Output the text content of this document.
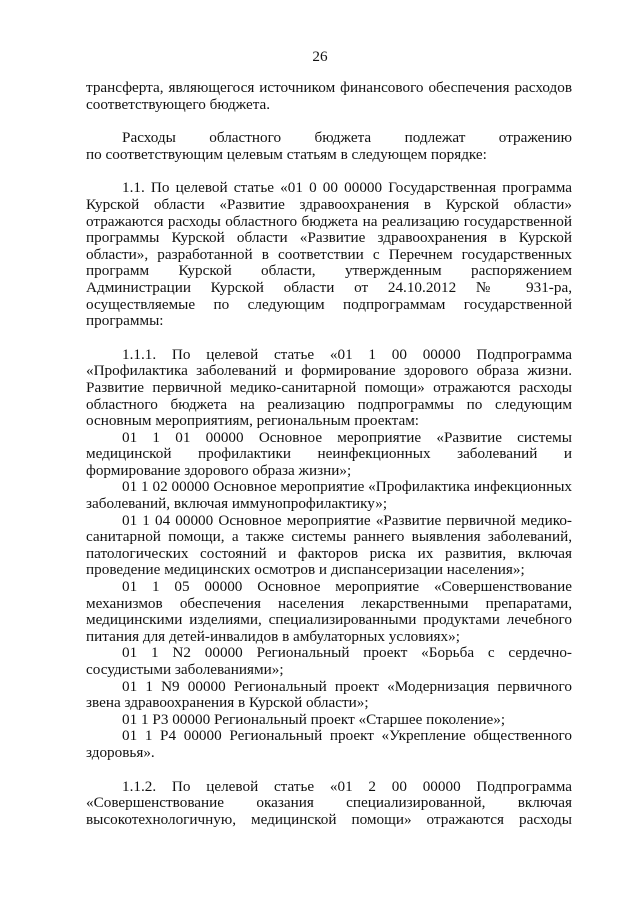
26

трансферта, являющегося источником финансового обеспечения расходов соответствующего бюджета.

Расходы областного бюджета подлежат отражению

по соответствующим целевым статьям в следующем порядке:

1.1. По целевой статье «01 0 00 00000 Государственная программа Курской области «Развитие здравоохранения в Курской области» отражаются расходы областного бюджета на реализацию государственной программы Курской области «Развитие здравоохранения в Курской области», разработанной в соответствии с Перечнем государственных программ Курской области, утвержденным распоряжением Администрации Курской области от 24.10.2012 № 931-ра, осуществляемые по следующим подпрограммам государственной программы:

1.1.1. По целевой статье «01 1 00 00000 Подпрограмма «Профилактика заболеваний и формирование здорового образа жизни. Развитие первичной медико-санитарной помощи» отражаются расходы областного бюджета на реализацию подпрограммы по следующим основным мероприятиям, региональным проектам:

01 1 01 00000 Основное мероприятие «Развитие системы медицинской профилактики неинфекционных заболеваний и формирование здорового образа жизни»;

01 1 02 00000 Основное мероприятие «Профилактика инфекционных заболеваний, включая иммунопрофилактику»;

01 1 04 00000 Основное мероприятие «Развитие первичной медико-санитарной помощи, а также системы раннего выявления заболеваний, патологических состояний и факторов риска их развития, включая проведение медицинских осмотров и диспансеризации населения»;

01 1 05 00000 Основное мероприятие «Совершенствование механизмов обеспечения населения лекарственными препаратами, медицинскими изделиями, специализированными продуктами лечебного питания для детей-инвалидов в амбулаторных условиях»;

01 1 N2 00000 Региональный проект «Борьба с сердечно-сосудистыми заболеваниями»;

01 1 N9 00000 Региональный проект «Модернизация первичного звена здравоохранения в Курской области»;

01 1 P3 00000 Региональный проект «Старшее поколение»;

01 1 P4 00000 Региональный проект «Укрепление общественного здоровья».

1.1.2. По целевой статье «01 2 00 00000 Подпрограмма «Совершенствование оказания специализированной, включая высокотехнологичную, медицинской помощи» отражаются расходы
